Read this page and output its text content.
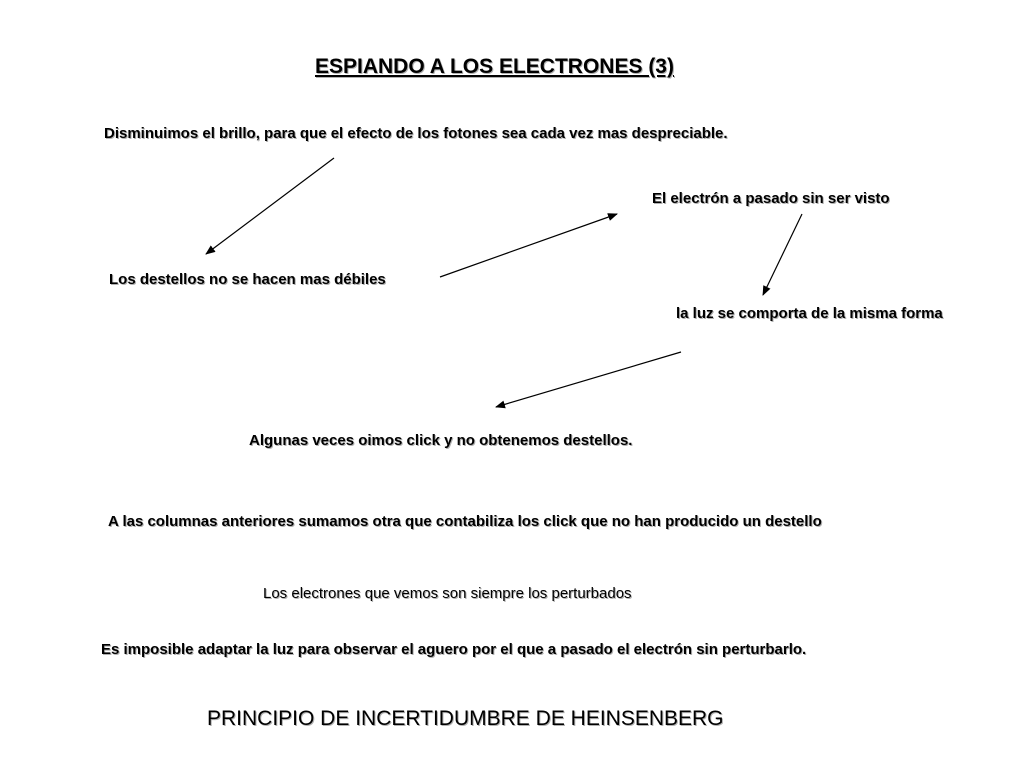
ESPIANDO A LOS ELECTRONES (3)
Disminuimos el brillo, para que el efecto de los fotones sea cada vez mas despreciable.
El electrón a pasado sin ser visto
Los destellos no se hacen mas débiles
la luz se comporta de la misma forma
Algunas veces oimos click y no obtenemos destellos.
A las columnas anteriores sumamos otra que contabiliza los click que no han producido un destello
Los electrones que vemos son siempre los perturbados
Es imposible adaptar la luz para observar el aguero por el que a pasado el electrón sin perturbarlo.
PRINCIPIO DE INCERTIDUMBRE DE HEINSENBERG
